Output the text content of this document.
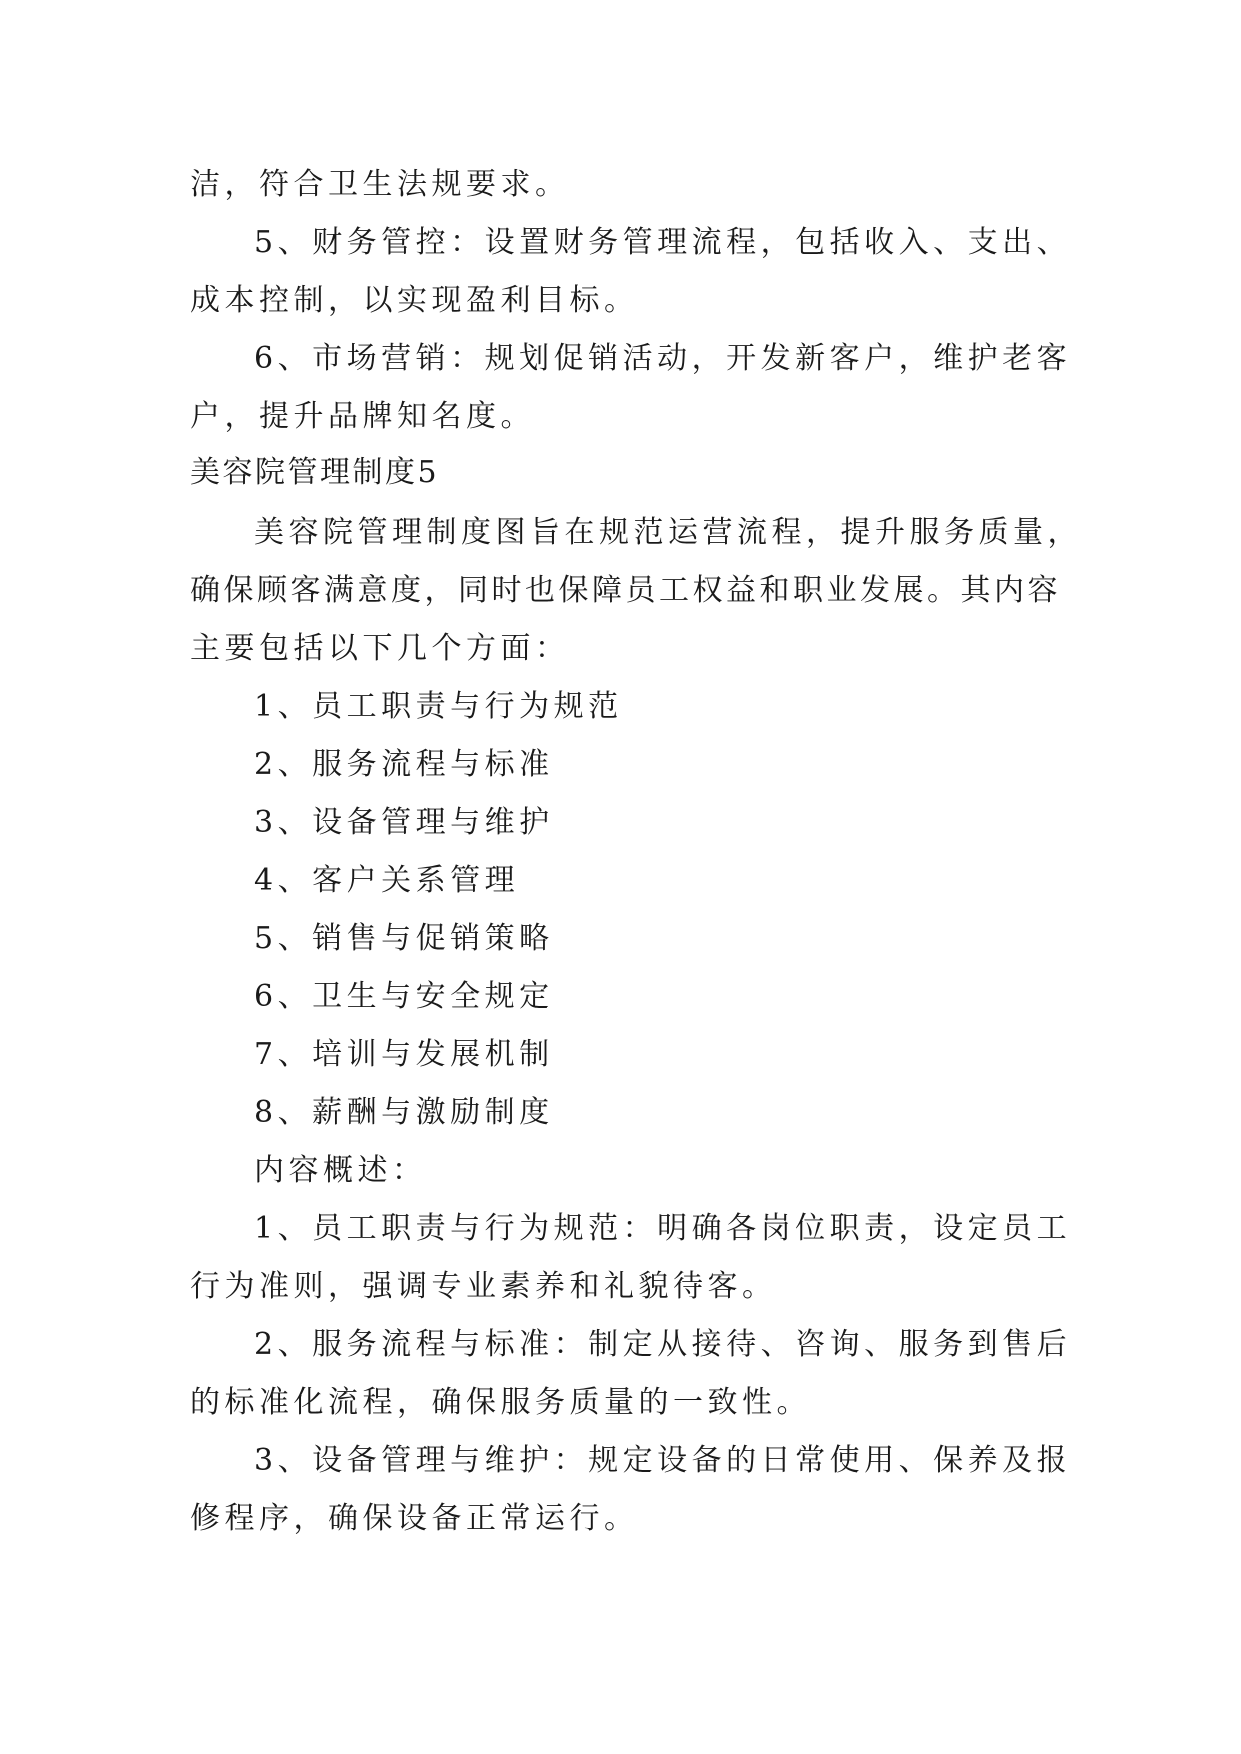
洁，符合卫生法规要求。
5、财务管控：设置财务管理流程，包括收入、支出、
成本控制，以实现盈利目标。
6、市场营销：规划促销活动，开发新客户，维护老客
户，提升品牌知名度。
美容院管理制度5
美容院管理制度图旨在规范运营流程，提升服务质量，
确保顾客满意度，同时也保障员工权益和职业发展。其内容
主要包括以下几个方面：
1、员工职责与行为规范
2、服务流程与标准
3、设备管理与维护
4、客户关系管理
5、销售与促销策略
6、卫生与安全规定
7、培训与发展机制
8、薪酬与激励制度
内容概述：
1、员工职责与行为规范：明确各岗位职责，设定员工
行为准则，强调专业素养和礼貌待客。
2、服务流程与标准：制定从接待、咨询、服务到售后
的标准化流程，确保服务质量的一致性。
3、设备管理与维护：规定设备的日常使用、保养及报
修程序，确保设备正常运行。
